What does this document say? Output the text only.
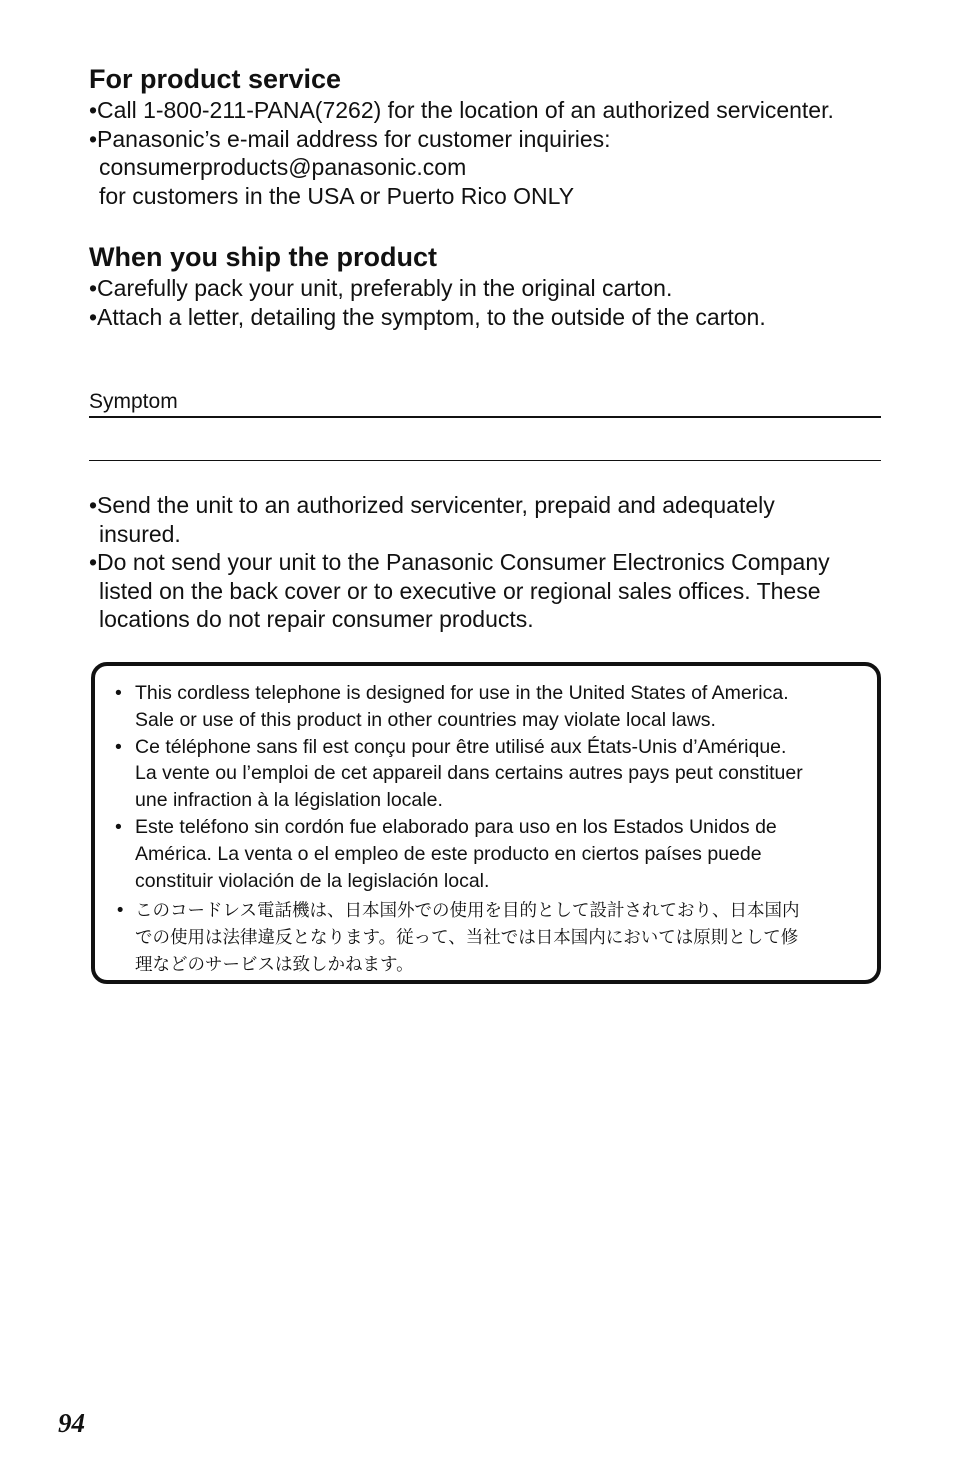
For product service
•Call 1-800-211-PANA(7262) for the location of an authorized servicenter.
•Panasonic’s e-mail address for customer inquiries:
consumerproducts@panasonic.com
for customers in the USA or Puerto Rico ONLY
When you ship the product
•Carefully pack your unit, preferably in the original carton.
•Attach a letter, detailing the symptom, to the outside of the carton.
Symptom
•Send the unit to an authorized servicenter, prepaid and adequately
insured.
•Do not send your unit to the Panasonic Consumer Electronics Company
listed on the back cover or to executive or regional sales offices. These
locations do not repair consumer products.
• This cordless telephone is designed for use in the United States of America.
Sale or use of this product in other countries may violate local laws.
• Ce téléphone sans fil est conçu pour être utilisé aux États-Unis d’Amérique.
La vente ou l’emploi de cet appareil dans certains autres pays peut constituer
une infraction à la législation locale.
• Este teléfono sin cordón fue elaborado para uso en los Estados Unidos de
América. La venta o el empleo de este producto en ciertos países puede
constituir violación de la legislación local.
• このコードレス電話機は、日本国外での使用を目的として設計されており、日本国内
での使用は法律違反となります。従って、当社では日本国内においては原則として修
理などのサービスは致しかねます。
94
